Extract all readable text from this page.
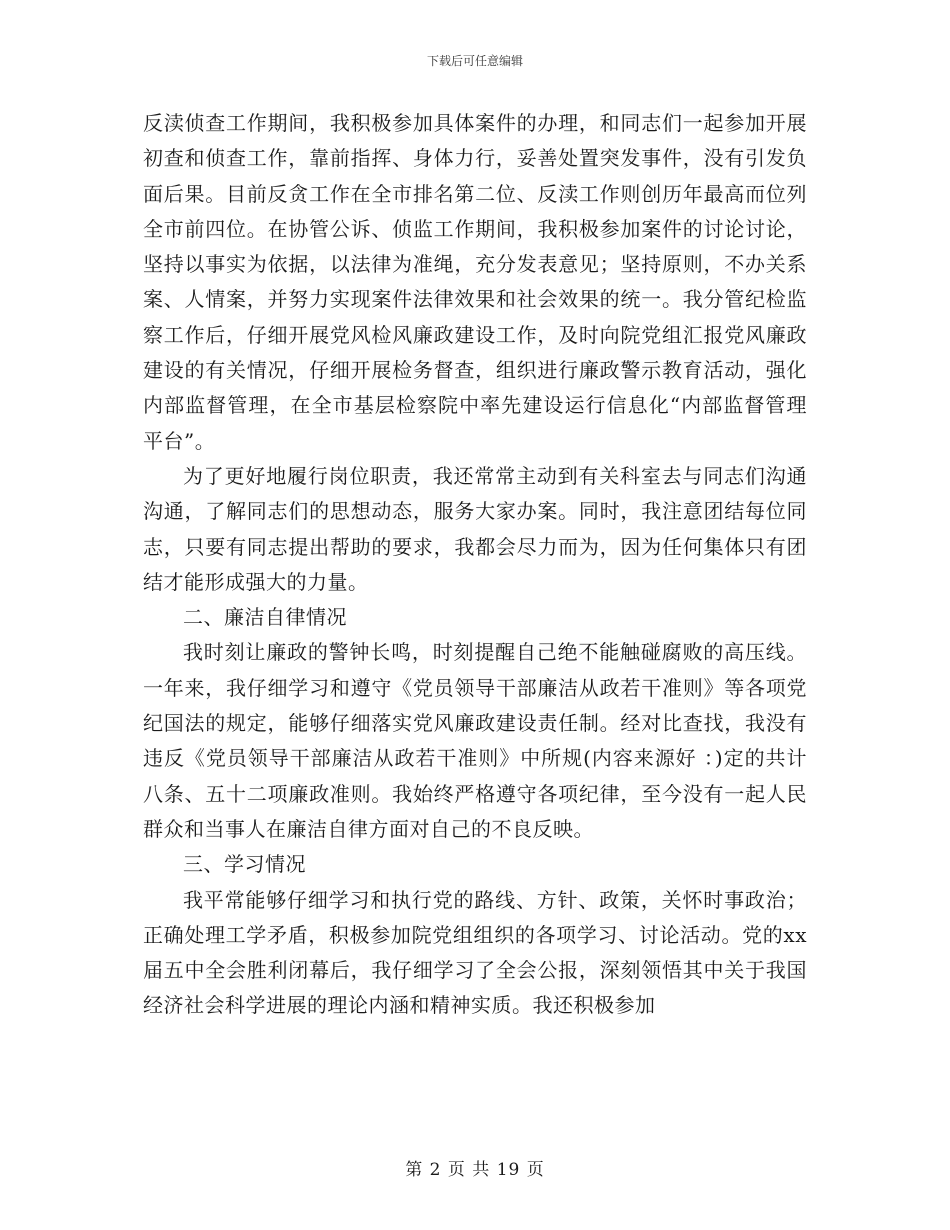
下载后可任意编辑

反渎侦查工作期间，我积极参加具体案件的办理，和同志们一起参加开展初查和侦查工作，靠前指挥、身体力行，妥善处置突发事件，没有引发负面后果。目前反贪工作在全市排名第二位、反渎工作则创历年最高而位列全市前四位。在协管公诉、侦监工作期间，我积极参加案件的讨论讨论，坚持以事实为依据，以法律为准绳，充分发表意见；坚持原则，不办关系案、人情案，并努力实现案件法律效果和社会效果的统一。我分管纪检监察工作后，仔细开展党风检风廉政建设工作，及时向院党组汇报党风廉政建设的有关情况，仔细开展检务督查，组织进行廉政警示教育活动，强化内部监督管理，在全市基层检察院中率先建设运行信息化“内部监督管理平台”。

为了更好地履行岗位职责，我还常常主动到有关科室去与同志们沟通沟通，了解同志们的思想动态，服务大家办案。同时，我注意团结每位同志，只要有同志提出帮助的要求，我都会尽力而为，因为任何集体只有团结才能形成强大的力量。

二、廉洁自律情况

我时刻让廉政的警钟长鸣，时刻提醒自己绝不能触碰腐败的高压线。一年来，我仔细学习和遵守《党员领导干部廉洁从政若干准则》等各项党纪国法的规定，能够仔细落实党风廉政建设责任制。经对比查找，我没有违反《党员领导干部廉洁从政若干准则》中所规(内容来源好 ：)定的共计八条、五十二项廉政准则。我始终严格遵守各项纪律，至今没有一起人民群众和当事人在廉洁自律方面对自己的不良反映。

三、学习情况

我平常能够仔细学习和执行党的路线、方针、政策，关怀时事政治；正确处理工学矛盾，积极参加院党组组织的各项学习、讨论活动。党的xx届五中全会胜利闭幕后，我仔细学习了全会公报，深刻领悟其中关于我国经济社会科学进展的理论内涵和精神实质。我还积极参加

第 2 页 共 19 页
